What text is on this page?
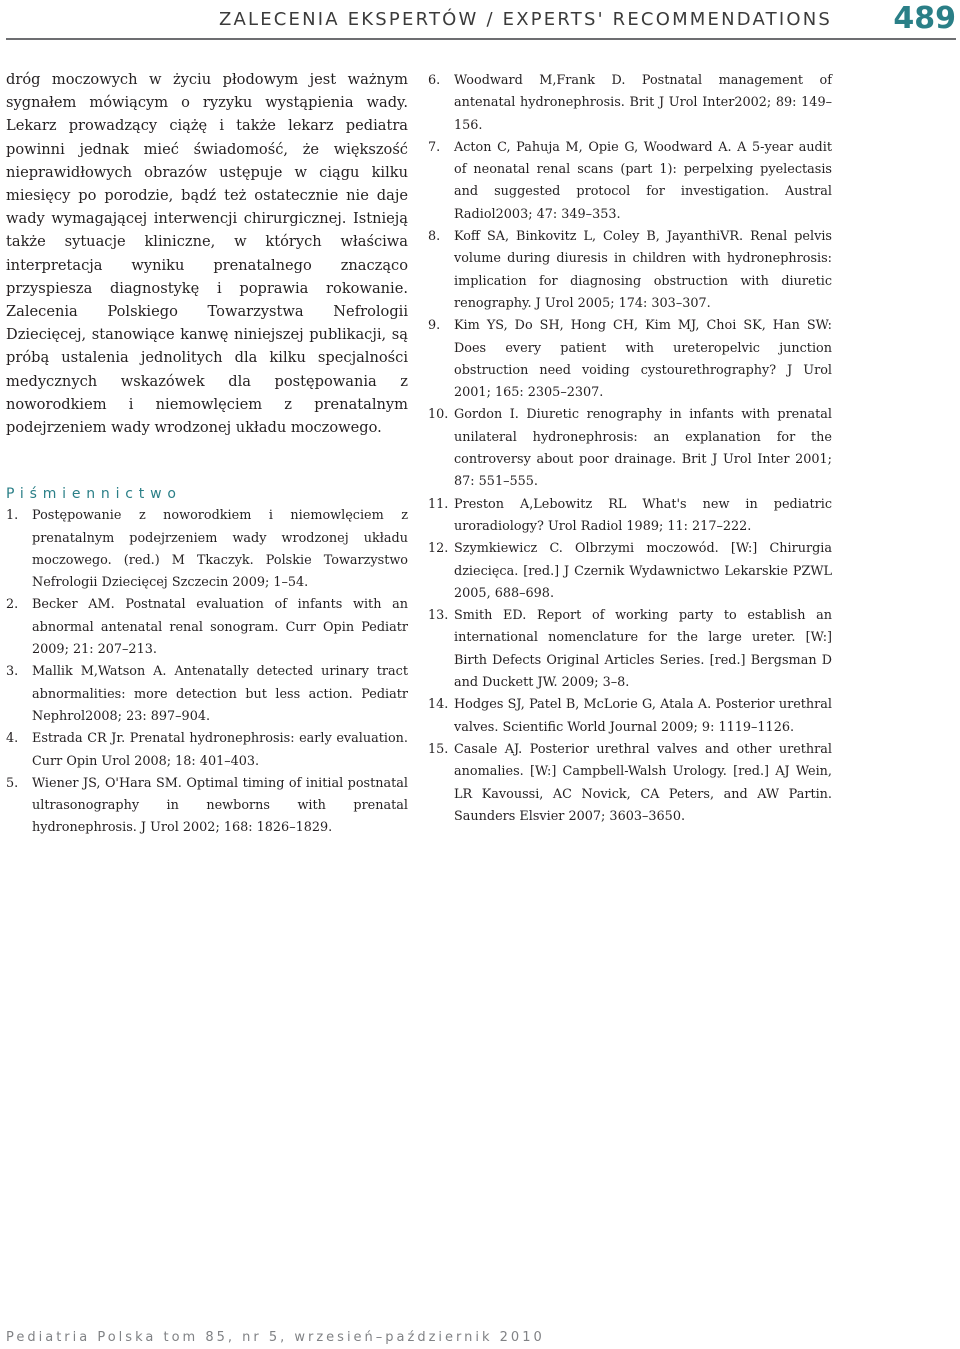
ZALECENIA EKSPERTÓW / EXPERTS' RECOMMENDATIONS 489

dróg moczowych w życiu płodowym jest ważnym sygnałem mówiącym o ryzyku wystąpienia wady. Lekarz prowadzący ciążę i także lekarz pediatra powinni jednak mieć świadomość, że większość nieprawidłowych obrazów ustępuje w ciągu kilku miesięcy po porodzie, bądź też ostatecznie nie daje wady wymagającej interwencji chirurgicznej. Istnieją także sytuacje kliniczne, w których właściwa interpretacja wyniku prenatalnego znacząco przyspiesza diagnostykę i poprawia rokowanie. Zalecenia Polskiego Towarzystwa Nefrologii Dziecięcej, stanowiące kanwę niniejszej publikacji, są próbą ustalenia jednolitych dla kilku specjalności medycznych wskazówek dla postępowania z noworodkiem i niemowlęciem z prenatalnym podejrzeniem wady wrodzonej układu moczowego.

Piśmiennictwo
1. Postępowanie z noworodkiem i niemowlęciem z prenatalnym podejrzeniem wady wrodzonej układu moczowego. (red.) M Tkaczyk. Polskie Towarzystwo Nefrologii Dziecięcej Szczecin 2009; 1–54.
2. Becker AM. Postnatal evaluation of infants with an abnormal antenatal renal sonogram. Curr Opin Pediatr 2009; 21: 207–213.
3. Mallik M,Watson A. Antenatally detected urinary tract abnormalities: more detection but less action. Pediatr Nephrol2008; 23: 897–904.
4. Estrada CR Jr. Prenatal hydronephrosis: early evaluation. Curr Opin Urol 2008; 18: 401–403.
5. Wiener JS, O'Hara SM. Optimal timing of initial postnatal ultrasonography in newborns with prenatal hydronephrosis. J Urol 2002; 168: 1826–1829.
6. Woodward M,Frank D. Postnatal management of antenatal hydronephrosis. Brit J Urol Inter2002; 89: 149–156.
7. Acton C, Pahuja M, Opie G, Woodward A. A 5-year audit of neonatal renal scans (part 1): perpelxing pyelectasis and suggested protocol for investigation. Austral Radiol2003; 47: 349–353.
8. Koff SA, Binkovitz L, Coley B, JayanthiVR. Renal pelvis volume during diuresis in children with hydronephrosis: implication for diagnosing obstruction with diuretic renography. J Urol 2005; 174: 303–307.
9. Kim YS, Do SH, Hong CH, Kim MJ, Choi SK, Han SW: Does every patient with ureteropelvic junction obstruction need voiding cystourethrography? J Urol 2001; 165: 2305–2307.
10. Gordon I. Diuretic renography in infants with prenatal unilateral hydronephrosis: an explanation for the controversy about poor drainage. Brit J Urol Inter 2001; 87: 551–555.
11. Preston A,Lebowitz RL What's new in pediatric uroradiology? Urol Radiol 1989; 11: 217–222.
12. Szymkiewicz C. Olbrzymi moczowód. [W:] Chirurgia dziecięca. [red.] J Czernik Wydawnictwo Lekarskie PZWL 2005, 688–698.
13. Smith ED. Report of working party to establish an international nomenclature for the large ureter. [W:] Birth Defects Original Articles Series. [red.] Bergsman D and Duckett JW. 2009; 3–8.
14. Hodges SJ, Patel B, McLorie G, Atala A. Posterior urethral valves. Scientific World Journal 2009; 9: 1119–1126.
15. Casale AJ. Posterior urethral valves and other urethral anomalies. [W:] Campbell-Walsh Urology. [red.] AJ Wein, LR Kavoussi, AC Novick, CA Peters, and AW Partin. Saunders Elsvier 2007; 3603–3650.
Pediatria Polska tom 85, nr 5, wrzesień–październik 2010
